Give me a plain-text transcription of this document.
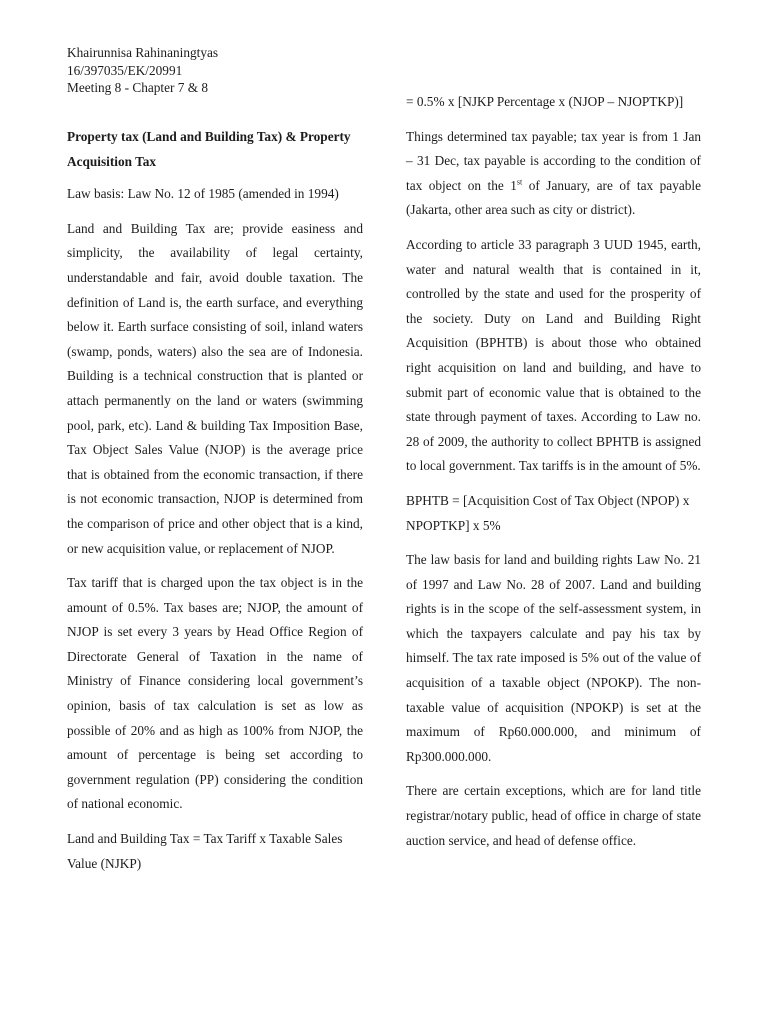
Khairunnisa Rahinaningtyas
16/397035/EK/20991
Meeting 8 - Chapter 7 & 8

Property tax (Land and Building Tax) & Property Acquisition Tax

Law basis: Law No. 12 of 1985 (amended in 1994)

Land and Building Tax are; provide easiness and simplicity, the availability of legal certainty, understandable and fair, avoid double taxation. The definition of Land is, the earth surface, and everything below it. Earth surface consisting of soil, inland waters (swamp, ponds, waters) also the sea are of Indonesia. Building is a technical construction that is planted or attach permanently on the land or waters (swimming pool, park, etc). Land & building Tax Imposition Base, Tax Object Sales Value (NJOP) is the average price that is obtained from the economic transaction, if there is not economic transaction, NJOP is determined from the comparison of price and other object that is a kind, or new acquisition value, or replacement of NJOP.

Tax tariff that is charged upon the tax object is in the amount of 0.5%. Tax bases are; NJOP, the amount of NJOP is set every 3 years by Head Office Region of Directorate General of Taxation in the name of Ministry of Finance considering local government’s opinion, basis of tax calculation is set as low as possible of 20% and as high as 100% from NJOP, the amount of percentage is being set according to government regulation (PP) considering the condition of national economic.

Land and Building Tax = Tax Tariff x Taxable Sales Value (NJKP)

= 0.5% x [NJKP Percentage x (NJOP – NJOPTKP)]

Things determined tax payable; tax year is from 1 Jan – 31 Dec, tax payable is according to the condition of tax object on the 1st of January, are of tax payable (Jakarta, other area such as city or district).

According to article 33 paragraph 3 UUD 1945, earth, water and natural wealth that is contained in it, controlled by the state and used for the prosperity of the society. Duty on Land and Building Right Acquisition (BPHTB) is about those who obtained right acquisition on land and building, and have to submit part of economic value that is obtained to the state through payment of taxes. According to Law no. 28 of 2009, the authority to collect BPHTB is assigned to local government. Tax tariffs is in the amount of 5%.

BPHTB = [Acquisition Cost of Tax Object (NPOP) x NPOPTKP] x 5%

The law basis for land and building rights Law No. 21 of 1997 and Law No. 28 of 2007. Land and building rights is in the scope of the self-assessment system, in which the taxpayers calculate and pay his tax by himself. The tax rate imposed is 5% out of the value of acquisition of a taxable object (NPOKP). The non-taxable value of acquisition (NPOKP) is set at the maximum of Rp60.000.000, and minimum of Rp300.000.000.

There are certain exceptions, which are for land title registrar/notary public, head of office in charge of state auction service, and head of defense office.
